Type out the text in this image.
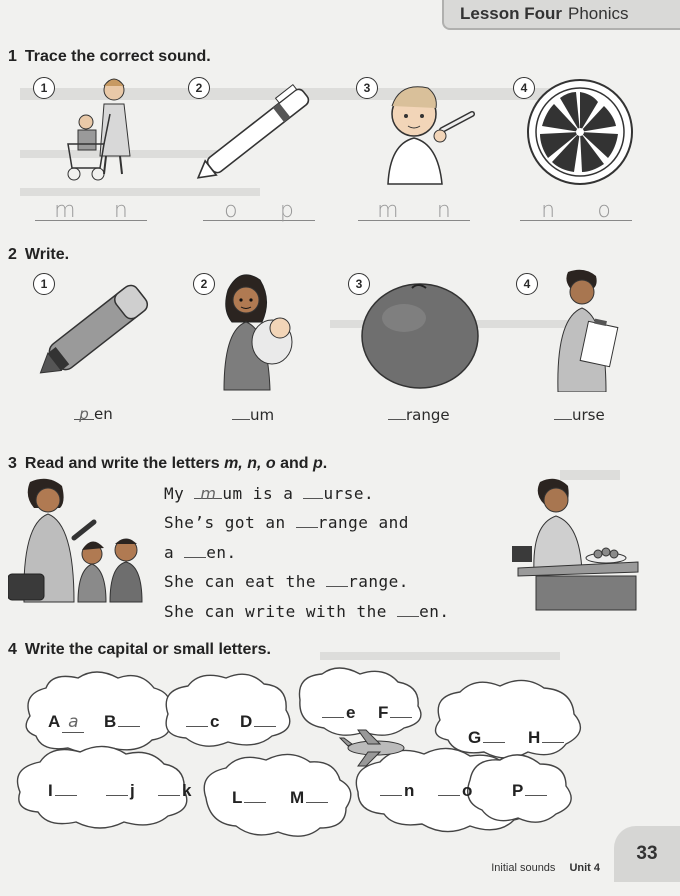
Lesson Four Phonics
1 Trace the correct sound.
1	2	3	4
m n	o p	m n	n o
2 Write.
1	2	3	4
p en	um	range	urse
3 Read and write the letters m, n, o and p.
My m um is a urse.
She’s got an range and
a en.
She can eat the range.
She can write with the en.
4 Write the capital or small letters.
A a	B	c D	e F
G	H
I	j	k L	M	n	o P
Initial sounds Unit 4
33
